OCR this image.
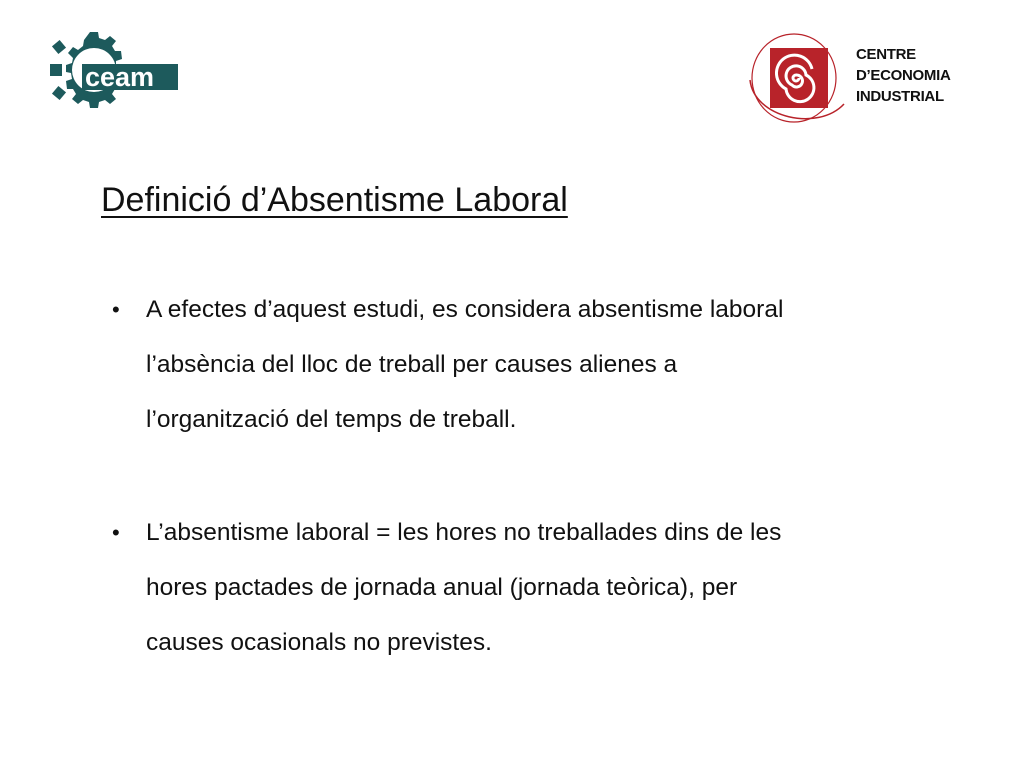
ceam
CENTRE
D’ECONOMIA
INDUSTRIAL
Definició d’Absentisme Laboral
• A efectes d’aquest estudi, es considera absentisme laboral
l’absència del lloc de treball per causes alienes a
l’organització del temps de treball.
• L’absentisme laboral = les hores no treballades dins de les
hores pactades de jornada anual (jornada teòrica), per
causes ocasionals no previstes.
